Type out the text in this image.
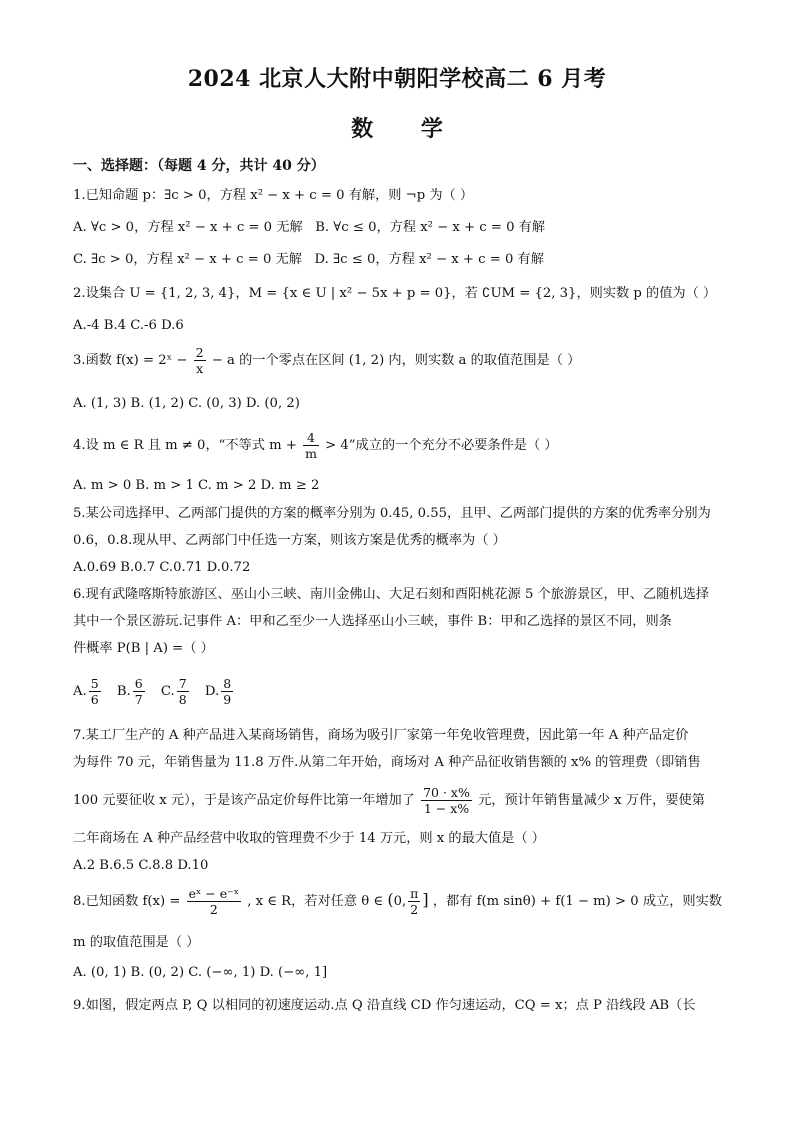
2024 北京人大附中朝阳学校高二 6 月考
数 学
一、选择题：（每题 4 分，共计 40 分）
1.已知命题 p：∃c > 0，方程 x² − x + c = 0 有解，则 ¬p 为（ ）
A. ∀c > 0，方程 x² − x + c = 0 无解 B. ∀c ≤ 0，方程 x² − x + c = 0 有解
C. ∃c > 0，方程 x² − x + c = 0 无解 D. ∃c ≤ 0，方程 x² − x + c = 0 有解
2.设集合 U = {1, 2, 3, 4}，M = {x ∈ U | x² − 5x + p = 0}，若 ∁UM = {2, 3}，则实数 p 的值为（ ）
A.-4 B.4 C.-6 D.6
3.函数 f(x) = 2ˣ − $\frac{2}{x} - a$ 的一个零点在区间 (1, 2) 内，则实数 a 的取值范围是（ ）
A. (1, 3) B. (1, 2) C. (0, 3) D. (0, 2)
4.设 m ∈ R 且 m ≠ 0，“不等式 $m + \frac{4}{m} > 4$”成立的一个充分不必要条件是（ ）
A. m > 0 B. m > 1 C. m > 2 D. m ≥ 2
5.某公司选择甲、乙两部门提供的方案的概率分别为 0.45, 0.55，且甲、乙两部门提供的方案的优秀率分别为
0.6，0.8.现从甲、乙两部门中任选一方案，则该方案是优秀的概率为（ ）
A.0.69 B.0.7 C.0.71 D.0.72
6.现有武隆喀斯特旅游区、巫山小三峡、南川金佛山、大足石刻和酉阳桃花源 5 个旅游景区，甲、乙随机选择
其中一个景区游玩.记事件 A：甲和乙至少一人选择巫山小三峡，事件 B：甲和乙选择的景区不同，则条
件概率 P(B | A) =（ ）
A. $\frac{5}{6} B$. $\frac{6}{7} C$. $\frac{7}{8} D$. $\frac{8}{9}$
7.某工厂生产的 A 种产品进入某商场销售，商场为吸引厂家第一年免收管理费，因此第一年 A 种产品定价
为每件 70 元，年销售量为 11.8 万件.从第二年开始，商场对 A 种产品征收销售额的 x% 的管理费（即销售
100 元要征收 x 元），于是该产品定价每件比第一年增加了 $\frac{70 \cdot x\%}{1 - x\%}$ 元，预计年销售量减少 x 万件，要使第
二年商场在 A 种产品经营中收取的管理费不少于 14 万元，则 x 的最大值是（ ）
A.2 B.6.5 C.8.8 D.10
8.已知函数 $f(x) = \frac{\text{eˣ − e⁻ˣ}}{2}$ , x ∈ R，若对任意 θ ∈ (0, $\frac{\pi}{2}$ ] ，都有 f(m sinθ) + f(1 − m) > 0 成立，则实数
m 的取值范围是（ ）
A. (0, 1) B. (0, 2) C. (−∞, 1) D. (−∞, 1]
9.如图，假定两点 P, Q 以相同的初速度运动.点 Q 沿直线 CD 作匀速运动，CQ = x；点 P 沿线段 AB（长
